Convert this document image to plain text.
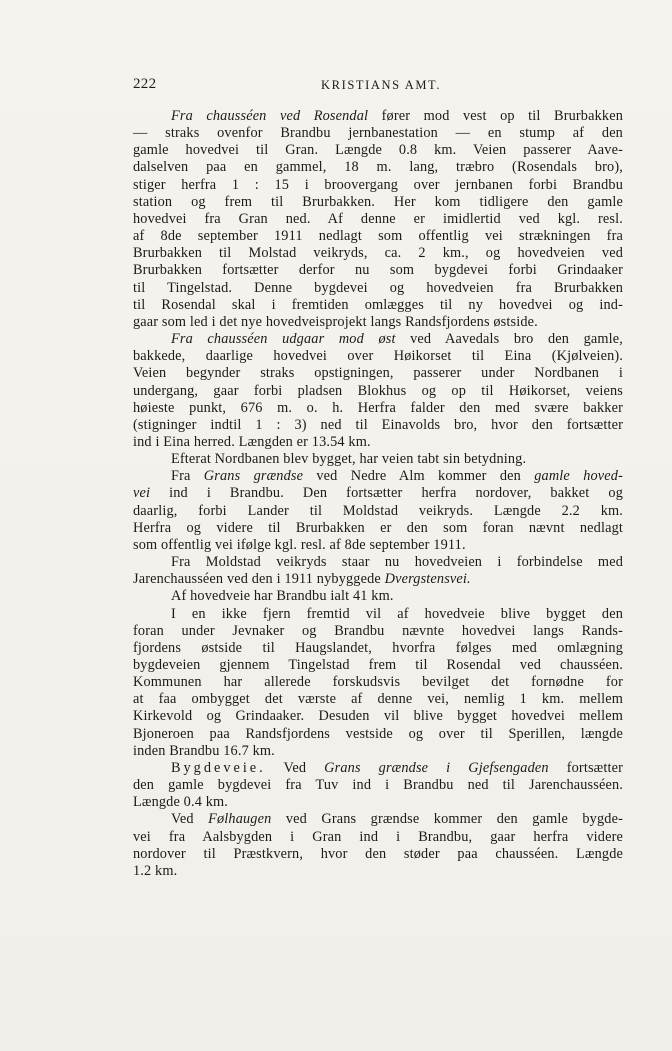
222	KRISTIANS AMT.
Fra chausséen ved Rosendal fører mod vest op til Brurbakken
— straks ovenfor Brandbu jernbanestation — en stump af den
gamle hovedvei til Gran. Længde 0.8 km. Veien passerer Aave-
dalselven paa en gammel, 18 m. lang, træbro (Rosendals bro),
stiger herfra 1 : 15 i broovergang over jernbanen forbi Brandbu
station og frem til Brurbakken. Her kom tidligere den gamle
hovedvei fra Gran ned. Af denne er imidlertid ved kgl. resl.
af 8de september 1911 nedlagt som offentlig vei strækningen fra
Brurbakken til Molstad veikryds, ca. 2 km., og hovedveien ved
Brurbakken fortsætter derfor nu som bygdevei forbi Grindaaker
til Tingelstad. Denne bygdevei og hovedveien fra Brurbakken
til Rosendal skal i fremtiden omlægges til ny hovedvei og ind-
gaar som led i det nye hovedveisprojekt langs Randsfjordens østside.
Fra chausséen udgaar mod øst ved Aavedals bro den gamle,
bakkede, daarlige hovedvei over Høikorset til Eina (Kjølveien).
Veien begynder straks opstigningen, passerer under Nordbanen i
undergang, gaar forbi pladsen Blokhus og op til Høikorset, veiens
høieste punkt, 676 m. o. h. Herfra falder den med svære bakker
(stigninger indtil 1 : 3) ned til Einavolds bro, hvor den fortsætter
ind i Eina herred. Længden er 13.54 km.
Efterat Nordbanen blev bygget, har veien tabt sin betydning.
Fra Grans grændse ved Nedre Alm kommer den gamle hoved-
vei ind i Brandbu. Den fortsætter herfra nordover, bakket og
daarlig, forbi Lander til Moldstad veikryds. Længde 2.2 km.
Herfra og videre til Brurbakken er den som foran nævnt nedlagt
som offentlig vei ifølge kgl. resl. af 8de september 1911.
Fra Moldstad veikryds staar nu hovedveien i forbindelse med
Jarenchausséen ved den i 1911 nybyggede Dvergstensvei.
Af hovedveie har Brandbu ialt 41 km.
I en ikke fjern fremtid vil af hovedveie blive bygget den
foran under Jevnaker og Brandbu nævnte hovedvei langs Rands-
fjordens østside til Haugslandet, hvorfra følges med omlægning
bygdeveien gjennem Tingelstad frem til Rosendal ved chausséen.
Kommunen har allerede forskudsvis bevilget det fornødne for
at faa ombygget det værste af denne vei, nemlig 1 km. mellem
Kirkevold og Grindaaker. Desuden vil blive bygget hovedvei mellem
Bjoneroen paa Randsfjordens vestside og over til Sperillen, længde
inden Brandbu 16.7 km.
Bygdeveie. Ved Grans grændse i Gjefsengaden fortsætter
den gamle bygdevei fra Tuv ind i Brandbu ned til Jarenchausséen.
Længde 0.4 km.
Ved Følhaugen ved Grans grændse kommer den gamle bygde-
vei fra Aalsbygden i Gran ind i Brandbu, gaar herfra videre
nordover til Præstkvern, hvor den støder paa chausséen. Længde
1.2 km.
